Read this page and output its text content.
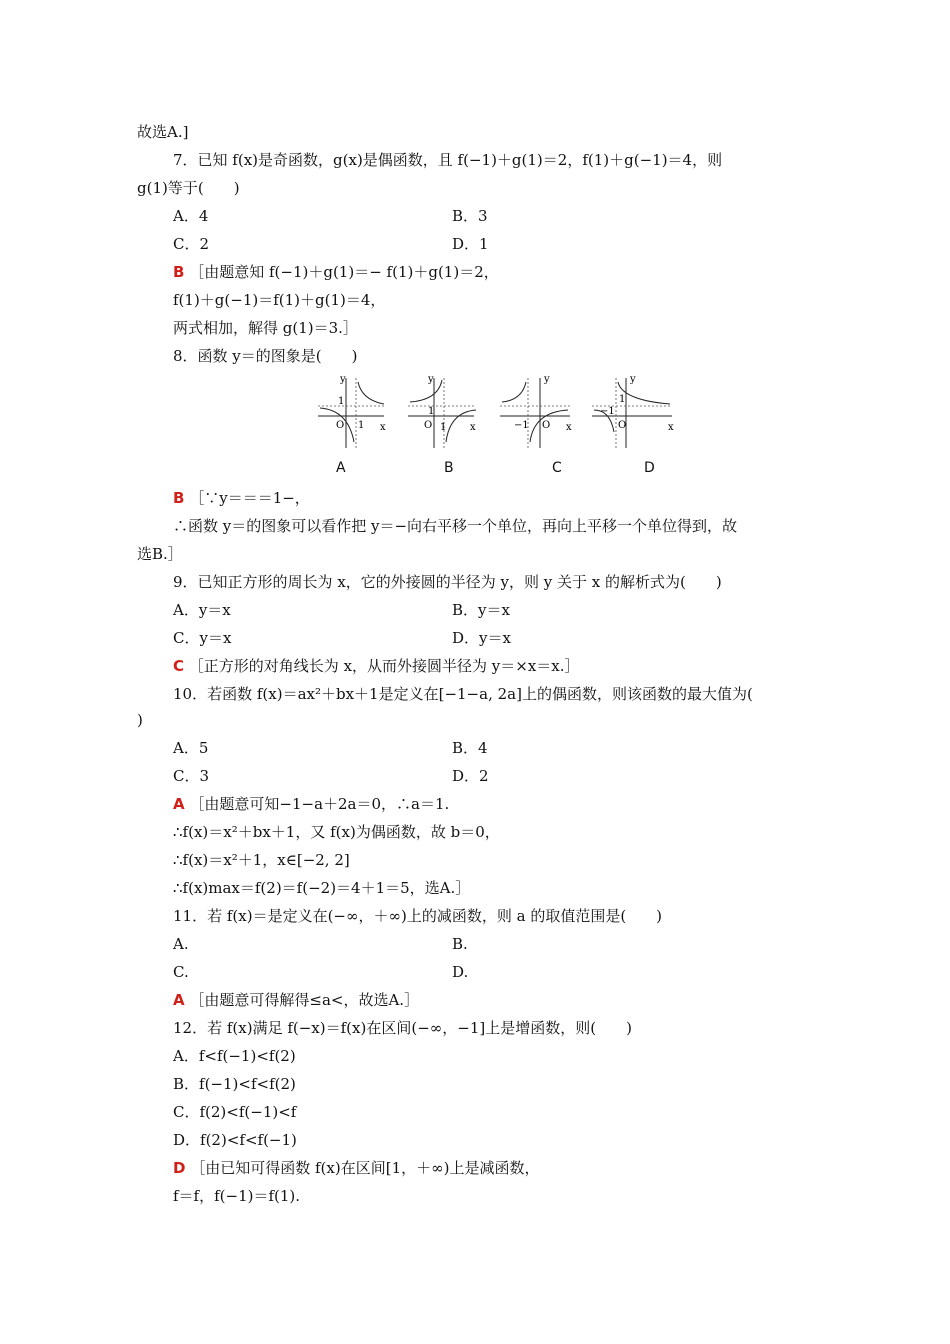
故选A.]
7．已知 f(x)是奇函数，g(x)是偶函数，且 f(−1)＋g(1)＝2，f(1)＋g(−1)＝4，则
g(1)等于(　　)
A．4	B．3
C．2	D．1
B ［由题意知 f(−1)＋g(1)＝− f(1)＋g(1)＝2，
f(1)＋g(−1)＝f(1)＋g(1)＝4，
两式相加，解得 g(1)＝3.］
8．函数 y＝的图象是(　　)
y
x
O
1
1
y
x
O
1
1
y
x
O
−1
y
x
O
1
−1
A	B	C	D
B ［∵y＝＝＝1−，
∴函数 y＝的图象可以看作把 y＝−向右平移一个单位，再向上平移一个单位得到，故
选B.］
9．已知正方形的周长为 x，它的外接圆的半径为 y，则 y 关于 x 的解析式为(　　)
A．y＝x	B．y＝x
C．y＝x	D．y＝x
C ［正方形的对角线长为 x，从而外接圆半径为 y＝×x＝x.］
10．若函数 f(x)＝ax²＋bx＋1是定义在[−1−a, 2a]上的偶函数，则该函数的最大值为(
)
A．5	B．4
C．3	D．2
A ［由题意可知−1−a＋2a＝0，∴a＝1.
∴f(x)＝x²＋bx＋1，又 f(x)为偶函数，故 b＝0，
∴f(x)＝x²＋1，x∈[−2, 2]
∴f(x)max＝f(2)＝f(−2)＝4＋1＝5，选A.］
11．若 f(x)＝是定义在(−∞，＋∞)上的减函数，则 a 的取值范围是(　　)
A.	B.
C.	D.
A ［由题意可得解得≤a<，故选A.］
12．若 f(x)满足 f(−x)＝f(x)在区间(−∞，−1]上是增函数，则(　　)
A．f<f(−1)<f(2)
B．f(−1)<f<f(2)
C．f(2)<f(−1)<f
D．f(2)<f<f(−1)
D ［由已知可得函数 f(x)在区间[1，＋∞)上是减函数，
f＝f，f(−1)＝f(1).
